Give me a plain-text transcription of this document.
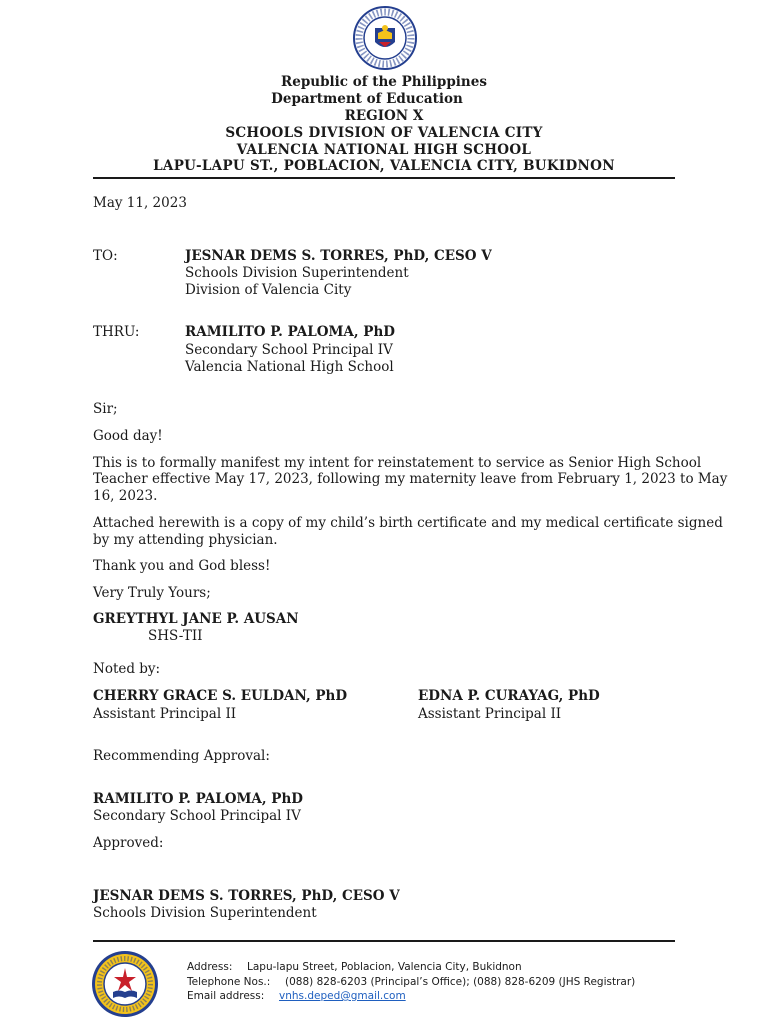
Republic of the Philippines
Department of Education
REGION X
SCHOOLS DIVISION OF VALENCIA CITY
VALENCIA NATIONAL HIGH SCHOOL
LAPU-LAPU ST., POBLACION, VALENCIA CITY, BUKIDNON
May 11, 2023
TO:	JESNAR DEMS S. TORRES, PhD, CESO V
Schools Division Superintendent
Division of Valencia City
THRU:	RAMILITO P. PALOMA, PhD
Secondary School Principal IV
Valencia National High School
Sir;
Good day!
This is to formally manifest my intent for reinstatement to service as Senior High School
Teacher effective May 17, 2023, following my maternity leave from February 1, 2023 to May
16, 2023.
Attached herewith is a copy of my child’s birth certificate and my medical certificate signed
by my attending physician.
Thank you and God bless!
Very Truly Yours;
GREYTHYL JANE P. AUSAN
SHS-TII
Noted by:
CHERRY GRACE S. EULDAN, PhD
Assistant Principal II
EDNA P. CURAYAG, PhD
Assistant Principal II
Recommending Approval:
RAMILITO P. PALOMA, PhD
Secondary School Principal IV
Approved:
JESNAR DEMS S. TORRES, PhD, CESO V
Schools Division Superintendent
Address: Lapu-lapu Street, Poblacion, Valencia City, Bukidnon
Telephone Nos.: (088) 828-6203 (Principal’s Office); (088) 828-6209 (JHS Registrar)
Email address: vnhs.deped@gmail.com
